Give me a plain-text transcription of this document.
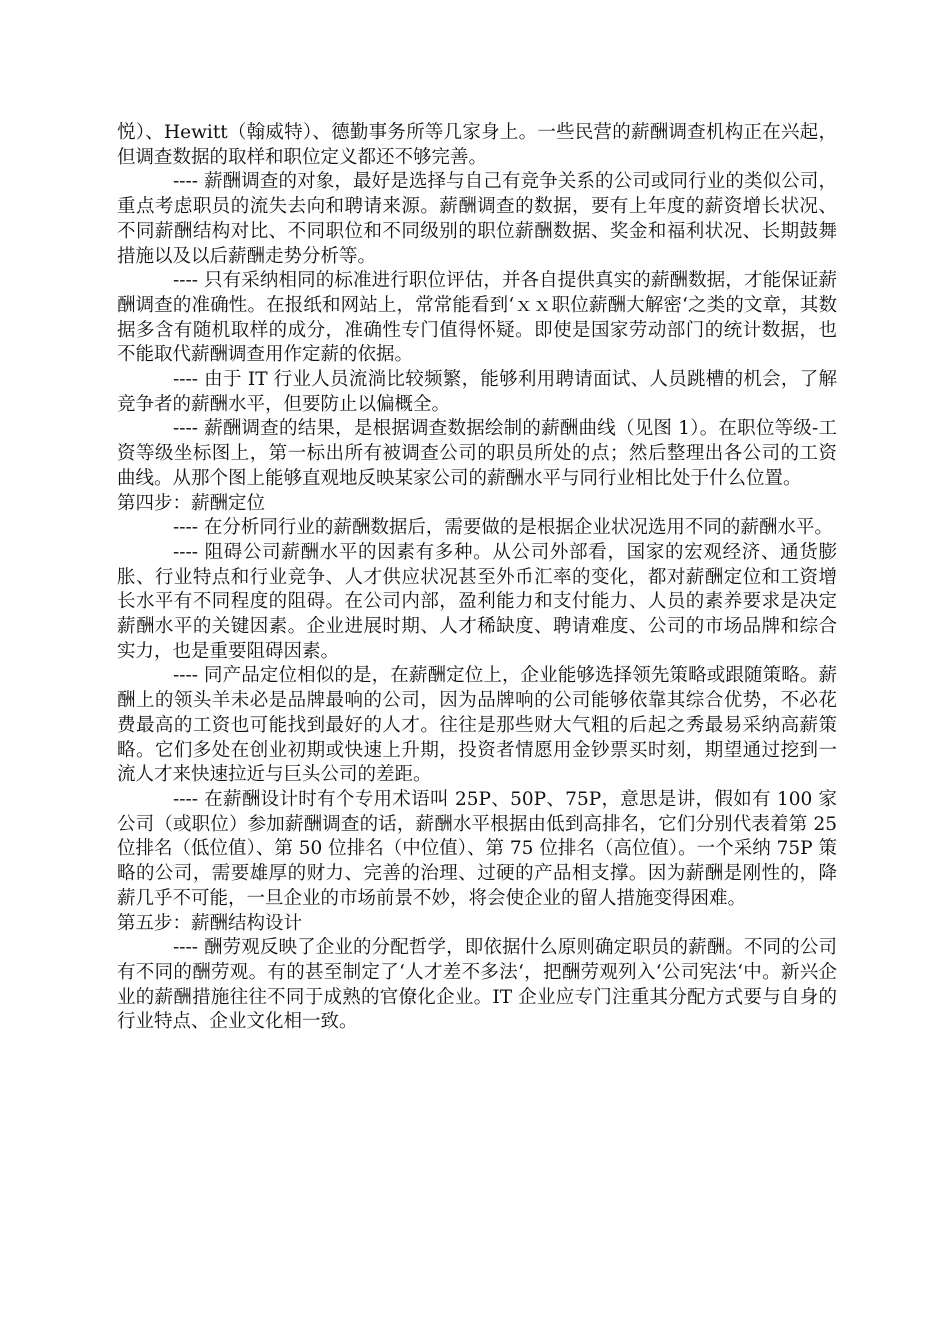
悦）、Hewitt（翰威特）、德勤事务所等几家身上。一些民营的薪酬调查机构正在兴起，但调查数据的取样和职位定义都还不够完善。

---- 薪酬调查的对象，最好是选择与自己有竞争关系的公司或同行业的类似公司，重点考虑职员的流失去向和聘请来源。薪酬调查的数据，要有上年度的薪资增长状况、不同薪酬结构对比、不同职位和不同级别的职位薪酬数据、奖金和福利状况、长期鼓舞措施以及以后薪酬走势分析等。

---- 只有采纳相同的标准进行职位评估，并各自提供真实的薪酬数据，才能保证薪酬调查的准确性。在报纸和网站上，常常能看到‘ｘｘ职位薪酬大解密‘之类的文章，其数据多含有随机取样的成分，准确性专门值得怀疑。即使是国家劳动部门的统计数据，也不能取代薪酬调查用作定薪的依据。

---- 由于 IT 行业人员流淌比较频繁，能够利用聘请面试、人员跳槽的机会，了解竞争者的薪酬水平，但要防止以偏概全。

---- 薪酬调查的结果，是根据调查数据绘制的薪酬曲线（见图 1）。在职位等级-工资等级坐标图上，第一标出所有被调查公司的职员所处的点；然后整理出各公司的工资曲线。从那个图上能够直观地反映某家公司的薪酬水平与同行业相比处于什么位置。

第四步：薪酬定位

---- 在分析同行业的薪酬数据后，需要做的是根据企业状况选用不同的薪酬水平。

---- 阻碍公司薪酬水平的因素有多种。从公司外部看，国家的宏观经济、通货膨胀、行业特点和行业竞争、人才供应状况甚至外币汇率的变化，都对薪酬定位和工资增长水平有不同程度的阻碍。在公司内部，盈利能力和支付能力、人员的素养要求是决定薪酬水平的关键因素。企业进展时期、人才稀缺度、聘请难度、公司的市场品牌和综合实力，也是重要阻碍因素。

---- 同产品定位相似的是，在薪酬定位上，企业能够选择领先策略或跟随策略。薪酬上的领头羊未必是品牌最响的公司，因为品牌响的公司能够依靠其综合优势，不必花费最高的工资也可能找到最好的人才。往往是那些财大气粗的后起之秀最易采纳高薪策略。它们多处在创业初期或快速上升期，投资者情愿用金钞票买时刻，期望通过挖到一流人才来快速拉近与巨头公司的差距。

---- 在薪酬设计时有个专用术语叫 25P、50P、75P，意思是讲，假如有 100 家公司（或职位）参加薪酬调查的话，薪酬水平根据由低到高排名，它们分别代表着第 25 位排名（低位值）、第 50 位排名（中位值）、第 75 位排名（高位值）。一个采纳 75P 策略的公司，需要雄厚的财力、完善的治理、过硬的产品相支撑。因为薪酬是刚性的，降薪几乎不可能，一旦企业的市场前景不妙，将会使企业的留人措施变得困难。

第五步：薪酬结构设计

---- 酬劳观反映了企业的分配哲学，即依据什么原则确定职员的薪酬。不同的公司有不同的酬劳观。有的甚至制定了‘人才差不多法‘，把酬劳观列入‘公司宪法‘中。新兴企业的薪酬措施往往不同于成熟的官僚化企业。IT 企业应专门注重其分配方式要与自身的行业特点、企业文化相一致。
